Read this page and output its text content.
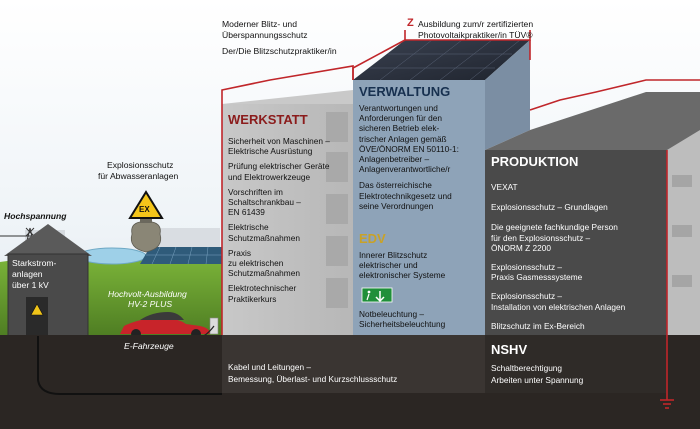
Z
Moderner Blitz- und
Überspannungsschutz
Der/Die Blitzschutzpraktiker/in
Ausbildung zum/r zertifizierten
Photovoltaikpraktiker/in TÜV®
Explosionsschutz
für Abwasseranlagen
EX
Hochspannung
Starkstrom-
anlagen
über 1 kV
Hochvolt-Ausbildung
HV-2 PLUS
E-Fahrzeuge
WERKSTATT
Sicherheit von Maschinen –
Elektrische Ausrüstung
Prüfung elektrischer Geräte
und Elektrowerkzeuge
Vorschriften im
Schaltschrankbau –
EN 61439
Elektrische
Schutzmaßnahmen
Praxis
zu elektrischen
Schutzmaßnahmen
Elektrotechnischer
Praktikerkurs
VERWALTUNG
Verantwortungen und
Anforderungen für den
sicheren Betrieb elek-
trischer Anlagen gemäß
ÖVE/ÖNORM EN 50110-1:
Anlagenbetreiber –
Anlagenverantwortliche/r
Das österreichische
Elektrotechnikgesetz und
seine Verordnungen
EDV
Innerer Blitzschutz
elektrischer und
elektronischer Systeme
Notbeleuchtung –
Sicherheitsbeleuchtung
PRODUKTION
VEXAT
Explosionsschutz – Grundlagen
Die geeignete fachkundige Person
für den Explosionsschutz –
ÖNORM Z 2200
Explosionsschutz –
Praxis Gasmesssysteme
Explosionsschutz –
Installation von elektrischen Anlagen
Blitzschutz im Ex-Bereich
Kabel und Leitungen –
Bemessung, Überlast- und Kurzschlussschutz
NSHV
Schaltberechtigung
Arbeiten unter Spannung
